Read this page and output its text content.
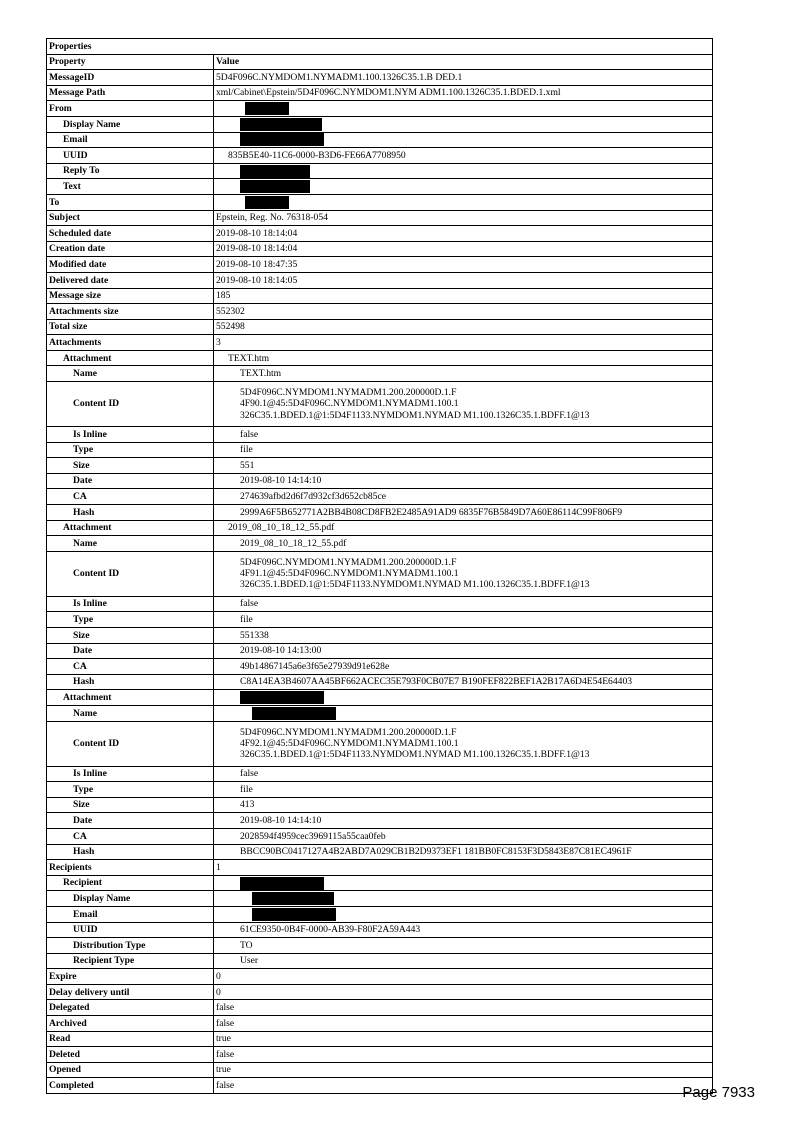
Properties	
Property	Value
MessageID	5D4F096C.NYMDOM1.NYMADM1.100.1326C35.1.B DED.1
Message Path	xml/Cabinet\Epstein/5D4F096C.NYMDOM1.NYM ADM1.100.1326C35.1.BDED.1.xml
From	
Display Name	
Email	
UUID	835B5E40-11C6-0000-B3D6-FE66A7708950
Reply To	
Text	
To	
Subject	Epstein, Reg. No. 76318-054
Scheduled date	2019-08-10 18:14:04
Creation date	2019-08-10 18:14:04
Modified date	2019-08-10 18:47:35
Delivered date	2019-08-10 18:14:05
Message size	185
Attachments size	552302
Total size	552498
Attachments	3
Attachment	TEXT.htm
Name	TEXT.htm
Content ID	5D4F096C.NYMDOM1.NYMADM1.200.200000D.1.F
4F90.1@45:5D4F096C.NYMDOM1.NYMADM1.100.1
326C35.1.BDED.1@1:5D4F1133.NYMDOM1.NYMAD M1.100.1326C35.1.BDFF.1@13

Is Inline	false
Type	file
Size	551
Date	2019-08-10 14:14:10
CA	274639afbd2d6f7d932cf3d652cb85ce
Hash	2999A6F5B652771A2BB4B08CD8FB2E2485A91AD9 6835F76B5849D7A60E86114C99F806F9
Attachment	2019_08_10_18_12_55.pdf
Name	2019_08_10_18_12_55.pdf
Content ID	5D4F096C.NYMDOM1.NYMADM1.200.200000D.1.F
4F91.1@45:5D4F096C.NYMDOM1.NYMADM1.100.1
326C35.1.BDED.1@1:5D4F1133.NYMDOM1.NYMAD M1.100.1326C35.1.BDFF.1@13

Is Inline	false
Type	file
Size	551338
Date	2019-08-10 14:13:00
CA	49b14867145a6e3f65e27939d91e628e
Hash	C8A14EA3B4607AA45BF662ACEC35E793F0CB07E7 B190FEF822BEF1A2B17A6D4E54E64403
Attachment	
Name	
Content ID	5D4F096C.NYMDOM1.NYMADM1.200.200000D.1.F
4F92.1@45:5D4F096C.NYMDOM1.NYMADM1.100.1
326C35.1.BDED.1@1:5D4F1133.NYMDOM1.NYMAD M1.100.1326C35.1.BDFF.1@13

Is Inline	false
Type	file
Size	413
Date	2019-08-10 14:14:10
CA	2028594f4959cec3969115a55caa0feb
Hash	BBCC90BC0417127A4B2ABD7A029CB1B2D9373EF1 181BB0FC8153F3D5843E87C81EC4961F
Recipients	1
Recipient	
Display Name	
Email	
UUID	61CE9350-0B4F-0000-AB39-F80F2A59A443
Distribution Type	TO
Recipient Type	User
Expire	0
Delay delivery until	0
Delegated	false
Archived	false
Read	true
Deleted	false
Opened	true
Completed	false	Page 7933
